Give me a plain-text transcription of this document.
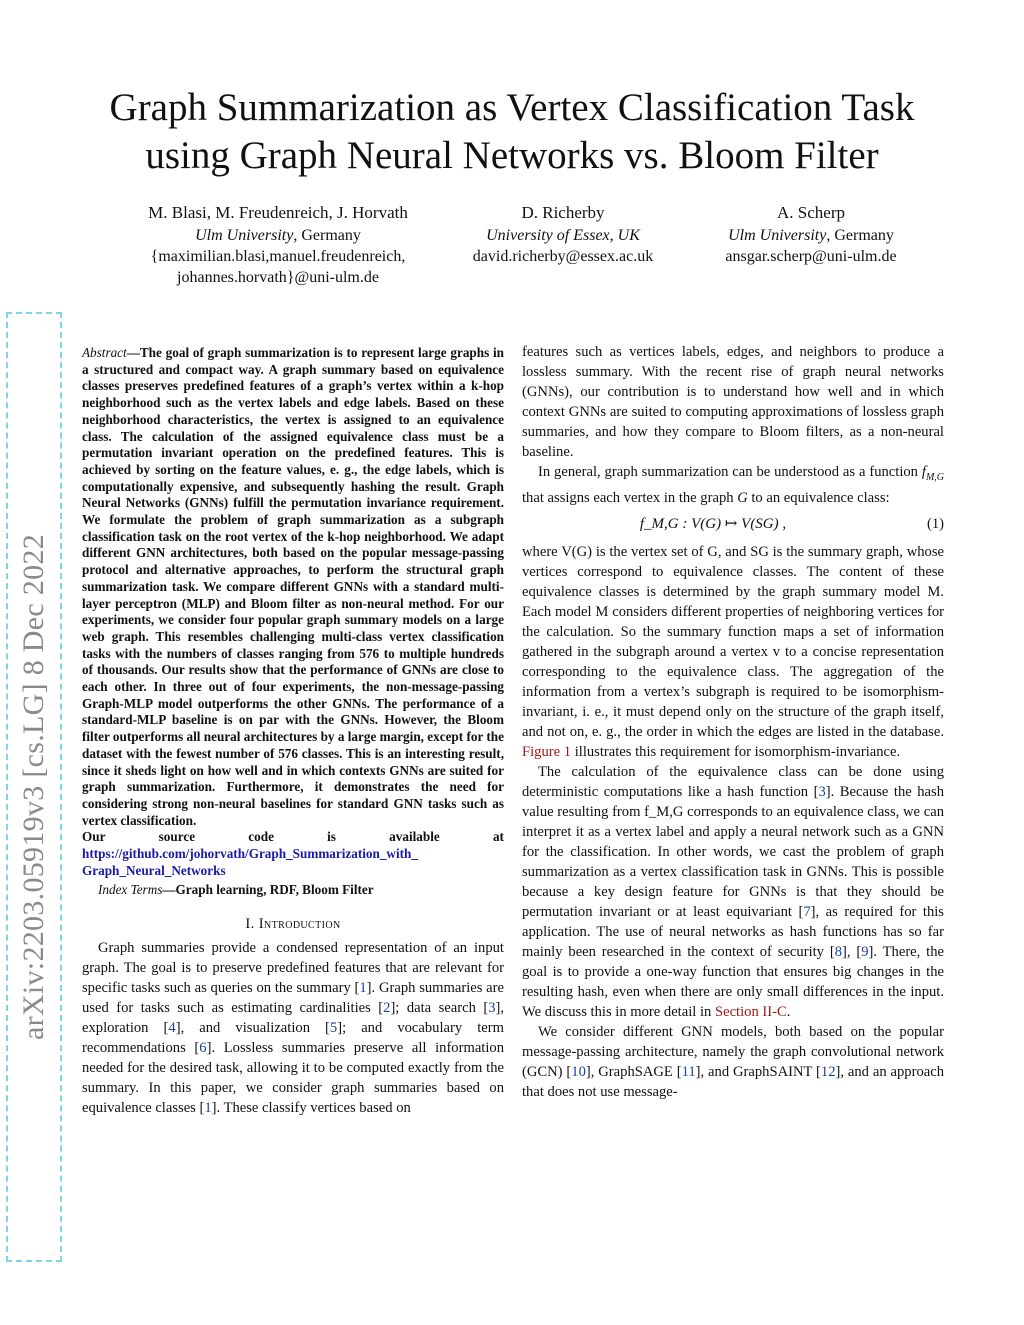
Graph Summarization as Vertex Classification Task
using Graph Neural Networks vs. Bloom Filter
M. Blasi, M. Freudenreich, J. Horvath
Ulm University, Germany
{maximilian.blasi,manuel.freudenreich,
johannes.horvath}@uni-ulm.de
D. Richerby
University of Essex, UK
david.richerby@essex.ac.uk
A. Scherp
Ulm University, Germany
ansgar.scherp@uni-ulm.de
arXiv:2203.05919v3 [cs.LG] 8 Dec 2022
Abstract—The goal of graph summarization is to represent large graphs in a structured and compact way. A graph summary based on equivalence classes preserves predefined features of a graph’s vertex within a k-hop neighborhood such as the vertex labels and edge labels. Based on these neighborhood characteristics, the vertex is assigned to an equivalence class. The calculation of the assigned equivalence class must be a permutation invariant operation on the predefined features. This is achieved by sorting on the feature values, e. g., the edge labels, which is computationally expensive, and subsequently hashing the result. Graph Neural Networks (GNNs) fulfill the permutation invariance requirement. We formulate the problem of graph summarization as a subgraph classification task on the root vertex of the k-hop neighborhood. We adapt different GNN architectures, both based on the popular message-passing protocol and alternative approaches, to perform the structural graph summarization task. We compare different GNNs with a standard multi-layer perceptron (MLP) and Bloom filter as non-neural method. For our experiments, we consider four popular graph summary models on a large web graph. This resembles challenging multi-class vertex classification tasks with the numbers of classes ranging from 576 to multiple hundreds of thousands. Our results show that the performance of GNNs are close to each other. In three out of four experiments, the non-message-passing Graph-MLP model outperforms the other GNNs. The performance of a standard-MLP baseline is on par with the GNNs. However, the Bloom filter outperforms all neural architectures by a large margin, except for the dataset with the fewest number of 576 classes. This is an interesting result, since it sheds light on how well and in which contexts GNNs are suited for graph summarization. Furthermore, it demonstrates the need for considering strong non-neural baselines for standard GNN tasks such as vertex classification.
Our	source	code	is	available	at
https://github.com/johorvath/Graph_Summarization_with_
Graph_Neural_Networks
Index Terms—Graph learning, RDF, Bloom Filter
I. Introduction

Graph summaries provide a condensed representation of an input graph. The goal is to preserve predefined features that are relevant for specific tasks such as queries on the summary [1]. Graph summaries are used for tasks such as estimating cardinalities [2]; data search [3], exploration [4], and visualization [5]; and vocabulary term recommendations [6]. Lossless summaries preserve all information needed for the desired task, allowing it to be computed exactly from the summary. In this paper, we consider graph summaries based on equivalence classes [1]. These classify vertices based on

features such as vertices labels, edges, and neighbors to produce a lossless summary. With the recent rise of graph neural networks (GNNs), our contribution is to understand how well and in which context GNNs are suited to computing approximations of lossless graph summaries, and how they compare to Bloom filters, as a non-neural baseline.

In general, graph summarization can be understood as a function $f_{M,G}$ that assigns each vertex in the graph G to an equivalence class:

f_M,G : V(G) ↦ V(SG) ,	(1)

where V(G) is the vertex set of G, and SG is the summary graph, whose vertices correspond to equivalence classes. The content of these equivalence classes is determined by the graph summary model M. Each model M considers different properties of neighboring vertices for the calculation. So the summary function maps a set of information gathered in the subgraph around a vertex v to a concise representation corresponding to the equivalence class. The aggregation of the information from a vertex’s subgraph is required to be isomorphism-invariant, i. e., it must depend only on the structure of the graph itself, and not on, e. g., the order in which the edges are listed in the database. Figure 1 illustrates this requirement for isomorphism-invariance.

The calculation of the equivalence class can be done using deterministic computations like a hash function [3]. Because the hash value resulting from f_M,G corresponds to an equivalence class, we can interpret it as a vertex label and apply a neural network such as a GNN for the classification. In other words, we cast the problem of graph summarization as a vertex classification task in GNNs. This is possible because a key design feature for GNNs is that they should be permutation invariant or at least equivariant [7], as required for this application. The use of neural networks as hash functions has so far mainly been researched in the context of security [8], [9]. There, the goal is to provide a one-way function that ensures big changes in the resulting hash, even when there are only small differences in the input. We discuss this in more detail in Section II-C.

We consider different GNN models, both based on the popular message-passing architecture, namely the graph convolutional network (GCN) [10], GraphSAGE [11], and GraphSAINT [12], and an approach that does not use message-
